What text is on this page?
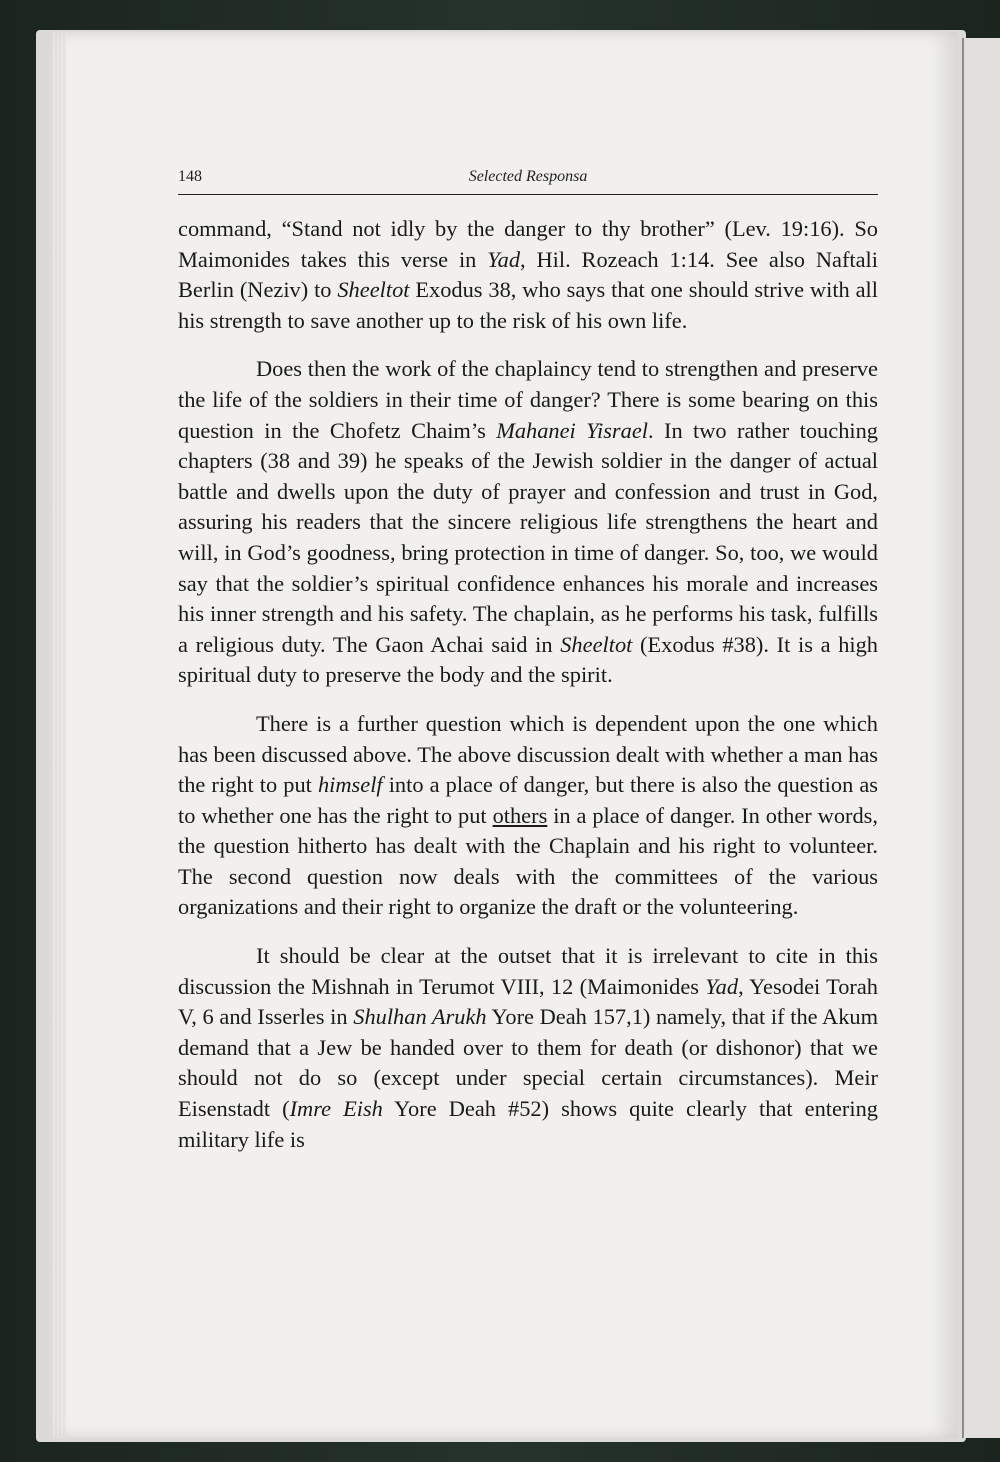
148	Selected Responsa

command, “Stand not idly by the danger to thy brother” (Lev. 19:16). So Maimonides takes this verse in Yad, Hil. Rozeach 1:14. See also Naftali Berlin (Neziv) to Sheeltot Exodus 38, who says that one should strive with all his strength to save another up to the risk of his own life.

Does then the work of the chaplaincy tend to strengthen and preserve the life of the soldiers in their time of danger? There is some bearing on this question in the Chofetz Chaim’s Mahanei Yisrael. In two rather touching chapters (38 and 39) he speaks of the Jewish soldier in the danger of actual battle and dwells upon the duty of prayer and confession and trust in God, assuring his readers that the sincere religious life strengthens the heart and will, in God’s goodness, bring protection in time of danger. So, too, we would say that the soldier’s spiritual confidence enhances his morale and increases his inner strength and his safety. The chaplain, as he performs his task, fulfills a religious duty. The Gaon Achai said in Sheeltot (Exodus #38). It is a high spiritual duty to preserve the body and the spirit.

There is a further question which is dependent upon the one which has been discussed above. The above discussion dealt with whether a man has the right to put himself into a place of danger, but there is also the question as to whether one has the right to put others in a place of danger. In other words, the question hitherto has dealt with the Chaplain and his right to volunteer. The second question now deals with the committees of the various organizations and their right to organize the draft or the volunteering.

It should be clear at the outset that it is irrelevant to cite in this discussion the Mishnah in Terumot VIII, 12 (Maimonides Yad, Yesodei Torah V, 6 and Isserles in Shulhan Arukh Yore Deah 157,1) namely, that if the Akum demand that a Jew be handed over to them for death (or dishonor) that we should not do so (except under special certain circumstances). Meir Eisenstadt (Imre Eish Yore Deah #52) shows quite clearly that entering military life is
